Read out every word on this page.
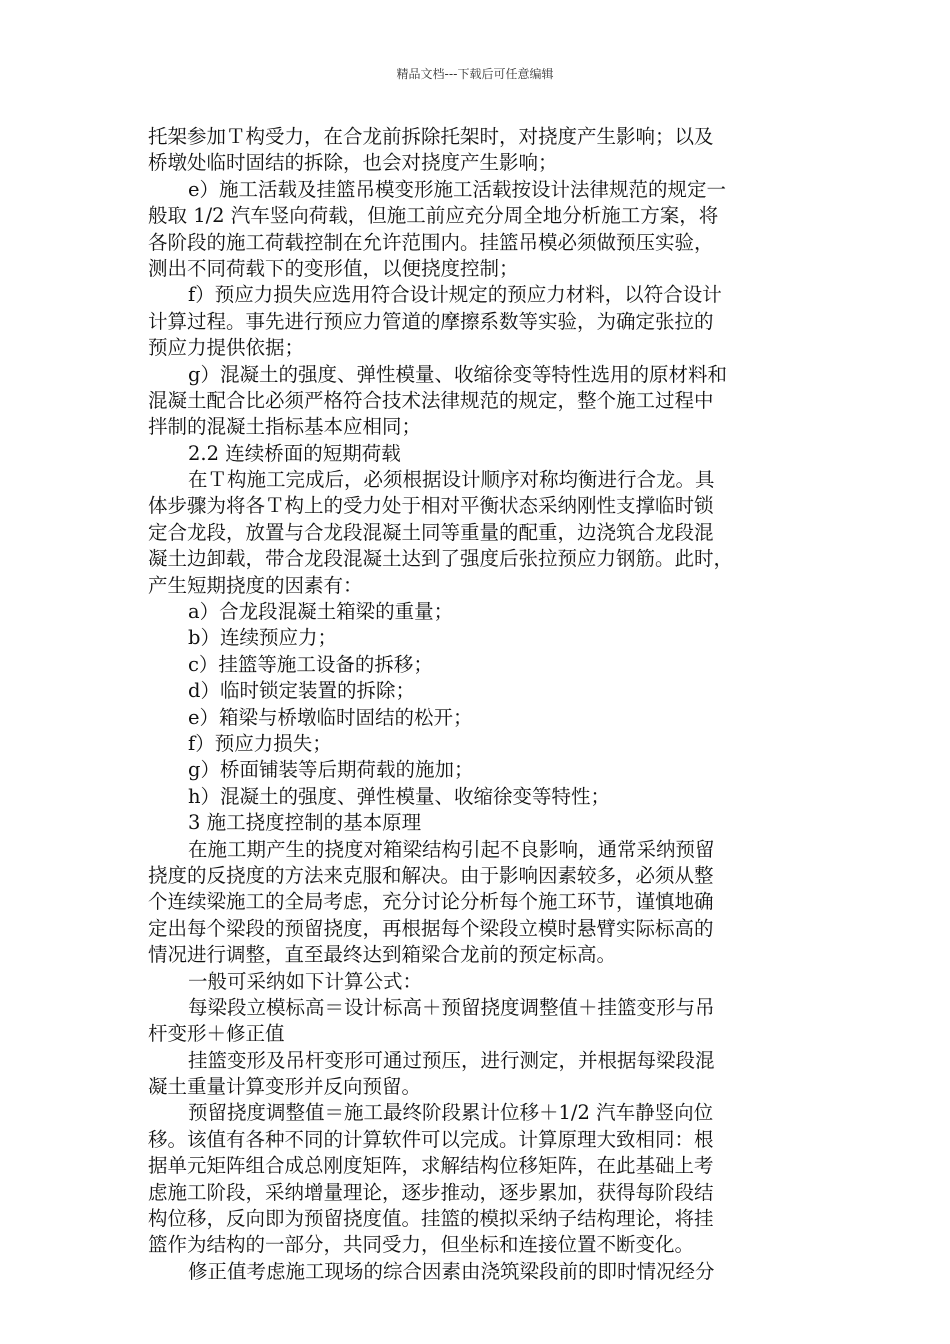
精品文档---下载后可任意编辑
托架参加Ｔ构受力，在合龙前拆除托架时，对挠度产生影响；以及
桥墩处临时固结的拆除，也会对挠度产生影响；
e）施工活载及挂篮吊模变形施工活载按设计法律规范的规定一
般取 1/2 汽车竖向荷载，但施工前应充分周全地分析施工方案，将
各阶段的施工荷载控制在允许范围内。挂篮吊模必须做预压实验，
测出不同荷载下的变形值，以便挠度控制；
f）预应力损失应选用符合设计规定的预应力材料，以符合设计
计算过程。事先进行预应力管道的摩擦系数等实验，为确定张拉的
预应力提供依据；
g）混凝土的强度、弹性模量、收缩徐变等特性选用的原材料和
混凝土配合比必须严格符合技术法律规范的规定，整个施工过程中
拌制的混凝土指标基本应相同；
2.2 连续桥面的短期荷载
在Ｔ构施工完成后，必须根据设计顺序对称均衡进行合龙。具
体步骤为将各Ｔ构上的受力处于相对平衡状态采纳刚性支撑临时锁
定合龙段，放置与合龙段混凝土同等重量的配重，边浇筑合龙段混
凝土边卸载，带合龙段混凝土达到了强度后张拉预应力钢筋。此时，
产生短期挠度的因素有：
a）合龙段混凝土箱梁的重量；
b）连续预应力；
c）挂篮等施工设备的拆移；
d）临时锁定装置的拆除；
e）箱梁与桥墩临时固结的松开；
f）预应力损失；
g）桥面铺装等后期荷载的施加；
h）混凝土的强度、弹性模量、收缩徐变等特性；
3 施工挠度控制的基本原理
在施工期产生的挠度对箱梁结构引起不良影响，通常采纳预留
挠度的反挠度的方法来克服和解决。由于影响因素较多，必须从整
个连续梁施工的全局考虑，充分讨论分析每个施工环节，谨慎地确
定出每个梁段的预留挠度，再根据每个梁段立模时悬臂实际标高的
情况进行调整，直至最终达到箱梁合龙前的预定标高。
一般可采纳如下计算公式：
每梁段立模标高＝设计标高＋预留挠度调整值＋挂篮变形与吊
杆变形＋修正值
挂篮变形及吊杆变形可通过预压，进行测定，并根据每梁段混
凝土重量计算变形并反向预留。
预留挠度调整值＝施工最终阶段累计位移＋1/2 汽车静竖向位
移。该值有各种不同的计算软件可以完成。计算原理大致相同：根
据单元矩阵组合成总刚度矩阵，求解结构位移矩阵，在此基础上考
虑施工阶段，采纳增量理论，逐步推动，逐步累加，获得每阶段结
构位移，反向即为预留挠度值。挂篮的模拟采纳子结构理论，将挂
篮作为结构的一部分，共同受力，但坐标和连接位置不断变化。
修正值考虑施工现场的综合因素由浇筑梁段前的即时情况经分
